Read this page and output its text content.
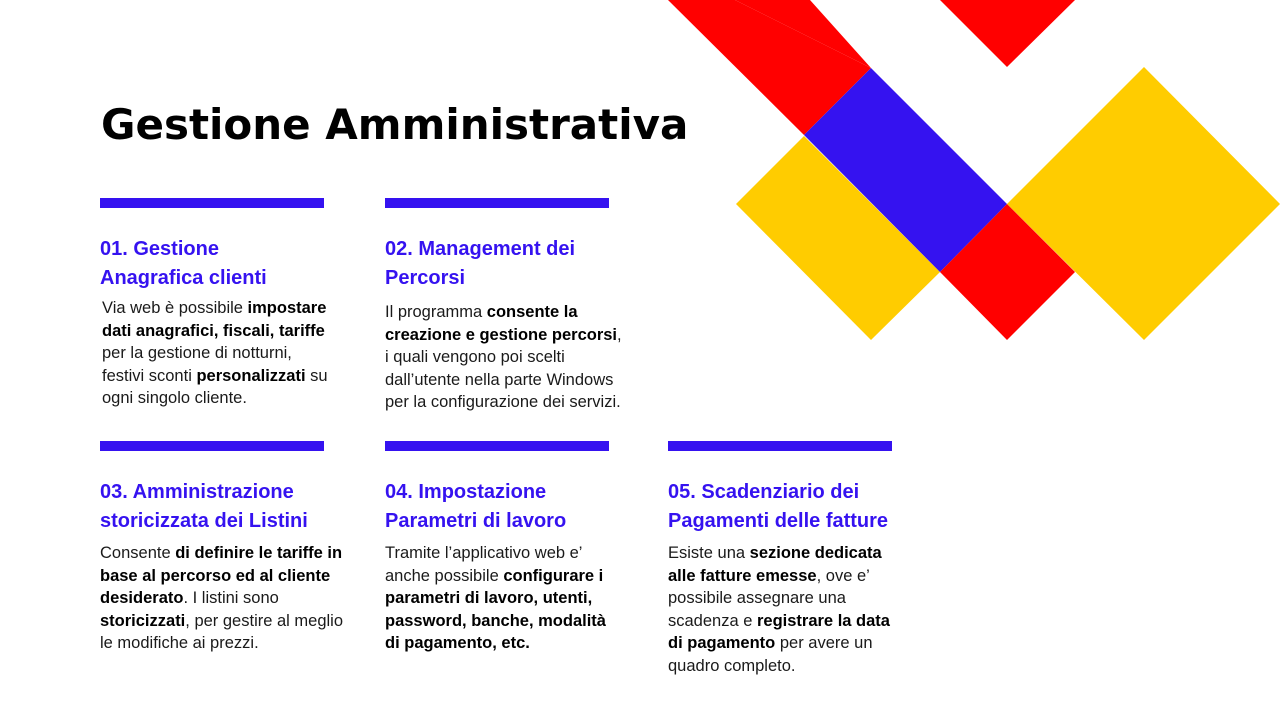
Gestione Amministrativa
01. Gestione
Anagrafica clienti

Via web è possibile impostare dati anagrafici, fiscali, tariffe per la gestione di notturni, festivi sconti personalizzati su ogni singolo cliente.

02. Management dei
Percorsi

Il programma consente la creazione e gestione percorsi, i quali vengono poi scelti dall’utente nella parte Windows per la configurazione dei servizi.

03. Amministrazione
storicizzata dei Listini

Consente di definire le tariffe in base al percorso ed al cliente desiderato. I listini sono storicizzati, per gestire al meglio le modifiche ai prezzi.

04. Impostazione
Parametri di lavoro

Tramite l’applicativo web e’ anche possibile configurare i parametri di lavoro, utenti, password, banche, modalità di pagamento, etc.

05. Scadenziario dei
Pagamenti delle fatture

Esiste una sezione dedicata alle fatture emesse, ove e’ possibile assegnare una scadenza e registrare la data di pagamento per avere un quadro completo.
